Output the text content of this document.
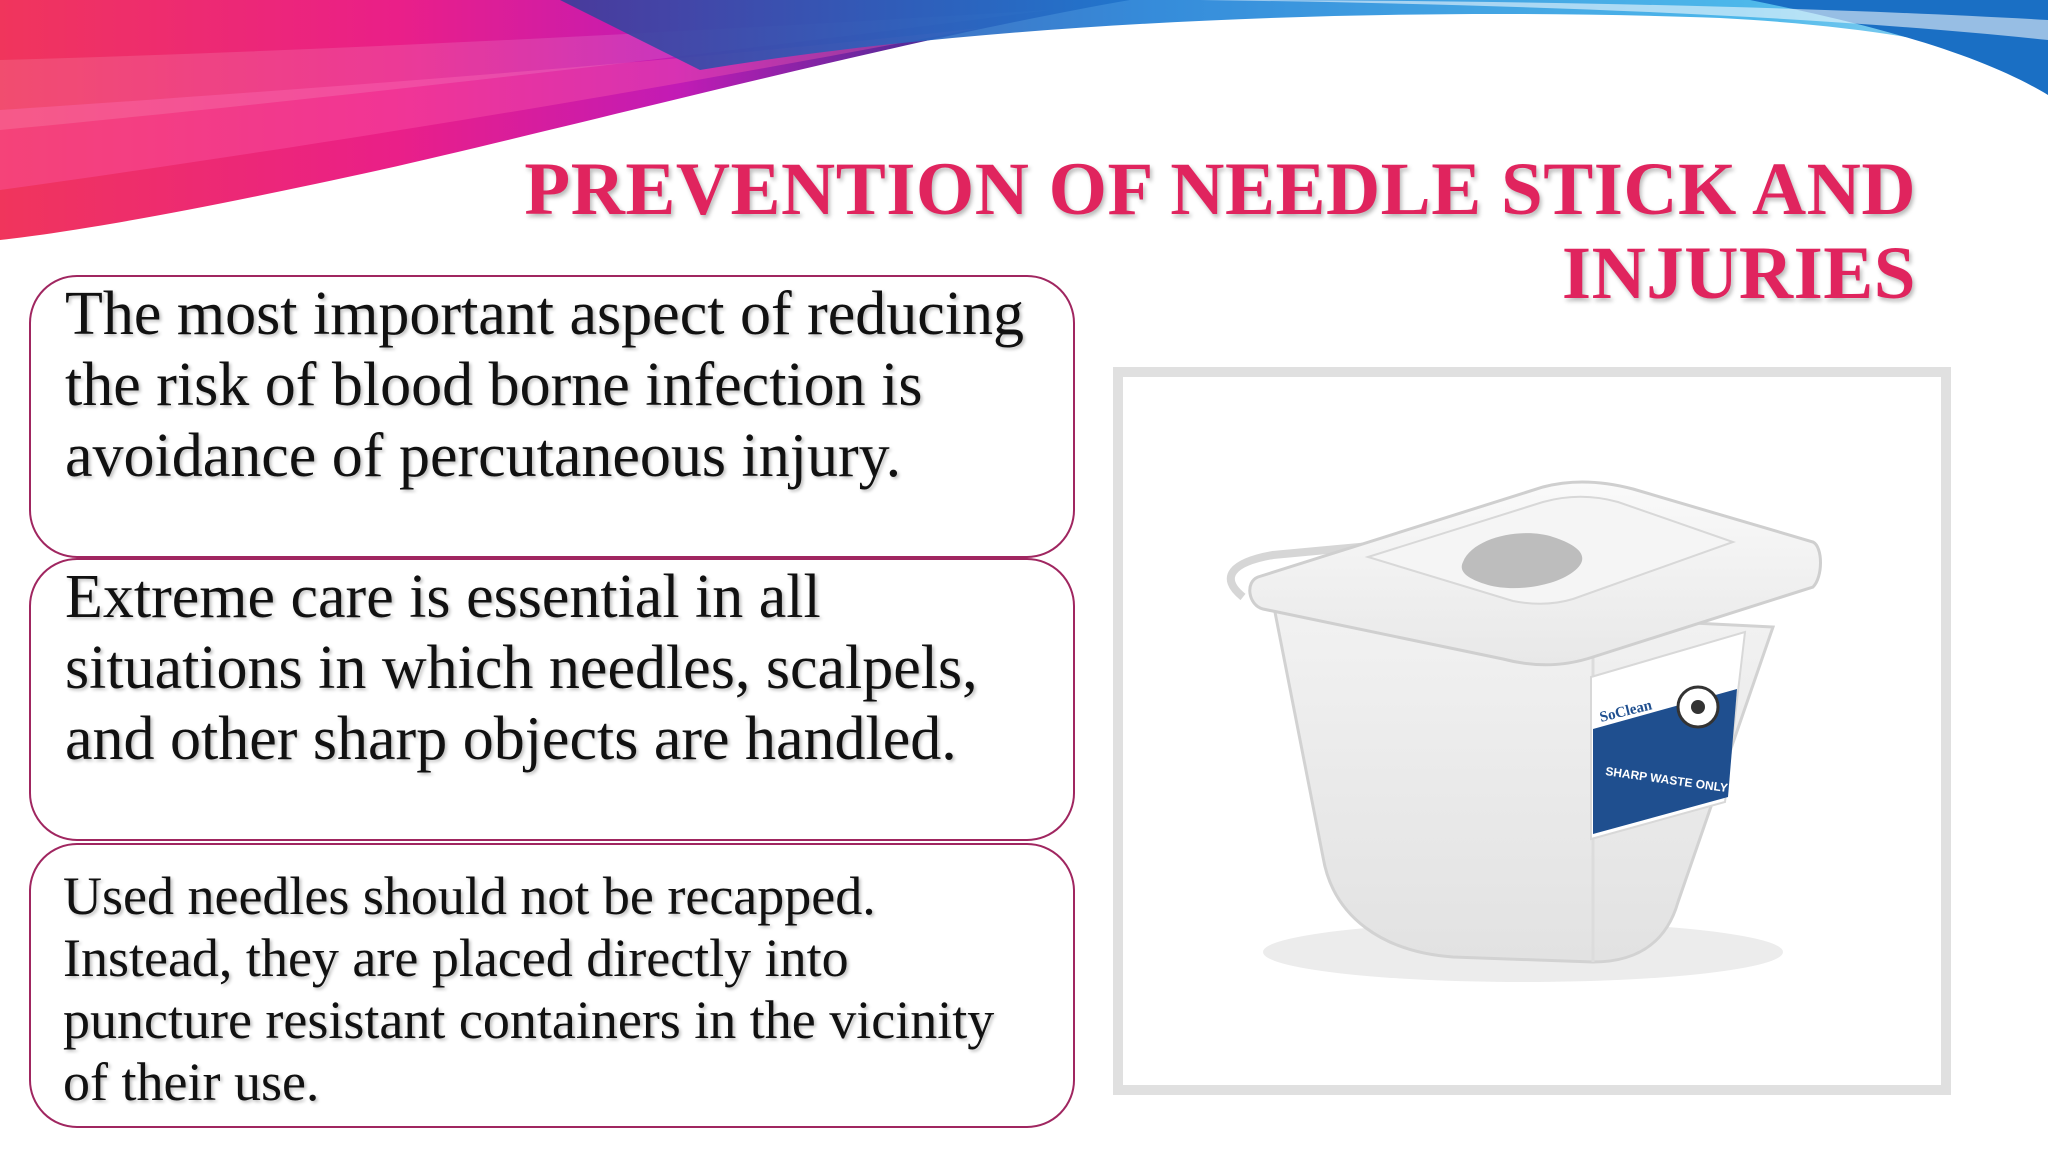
PREVENTION OF NEEDLE STICK AND INJURIES

The most important aspect of reducing the risk of blood borne infection is avoidance of percutaneous injury.

Extreme care is essential in all situations in which needles, scalpels, and other sharp objects are handled.

Used needles should not be recapped. Instead, they are placed directly into puncture resistant containers in the vicinity of their use.

SoClean
SHARP WASTE ONLY
